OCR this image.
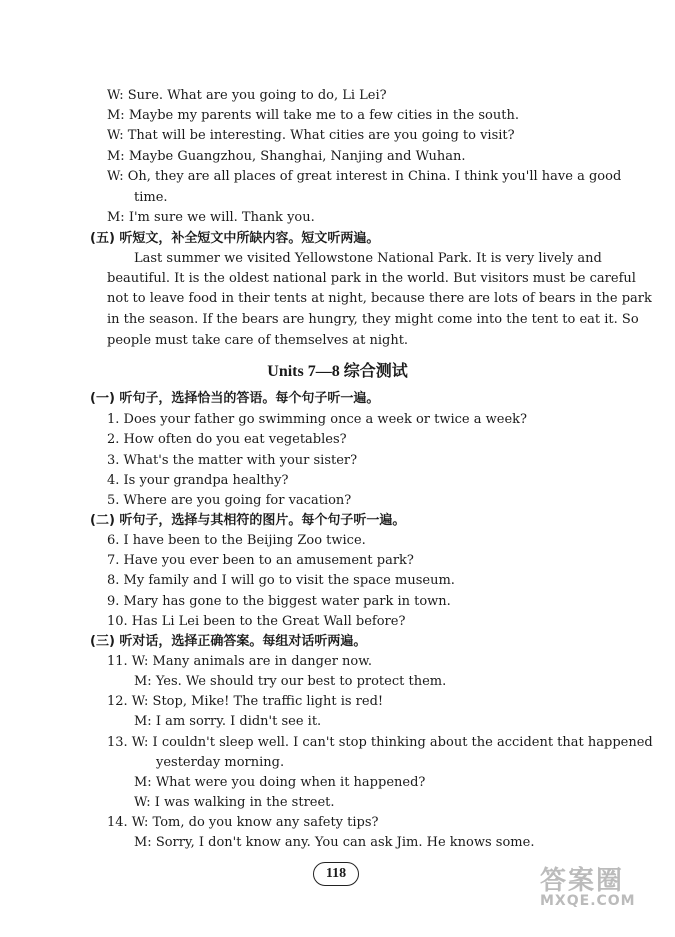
W: Sure. What are you going to do, Li Lei?
M: Maybe my parents will take me to a few cities in the south.
W: That will be interesting. What cities are you going to visit?
M: Maybe Guangzhou, Shanghai, Nanjing and Wuhan.
W: Oh, they are all places of great interest in China. I think you'll have a good
time.
M: I'm sure we will. Thank you.
(五) 听短文，补全短文中所缺内容。短文听两遍。
Last summer we visited Yellowstone National Park. It is very lively and
beautiful. It is the oldest national park in the world. But visitors must be careful
not to leave food in their tents at night, because there are lots of bears in the park
in the season. If the bears are hungry, they might come into the tent to eat it. So
people must take care of themselves at night.
Units 7—8 综合测试
(一) 听句子，选择恰当的答语。每个句子听一遍。
1. Does your father go swimming once a week or twice a week?
2. How often do you eat vegetables?
3. What's the matter with your sister?
4. Is your grandpa healthy?
5. Where are you going for vacation?
(二) 听句子，选择与其相符的图片。每个句子听一遍。
6. I have been to the Beijing Zoo twice.
7. Have you ever been to an amusement park?
8. My family and I will go to visit the space museum.
9. Mary has gone to the biggest water park in town.
10. Has Li Lei been to the Great Wall before?
(三) 听对话，选择正确答案。每组对话听两遍。
11. W: Many animals are in danger now.
M: Yes. We should try our best to protect them.
12. W: Stop, Mike! The traffic light is red!
M: I am sorry. I didn't see it.
13. W: I couldn't sleep well. I can't stop thinking about the accident that happened
yesterday morning.
M: What were you doing when it happened?
W: I was walking in the street.
14. W: Tom, do you know any safety tips?
M: Sorry, I don't know any. You can ask Jim. He knows some.
118	答案圈
MXQE.COM
